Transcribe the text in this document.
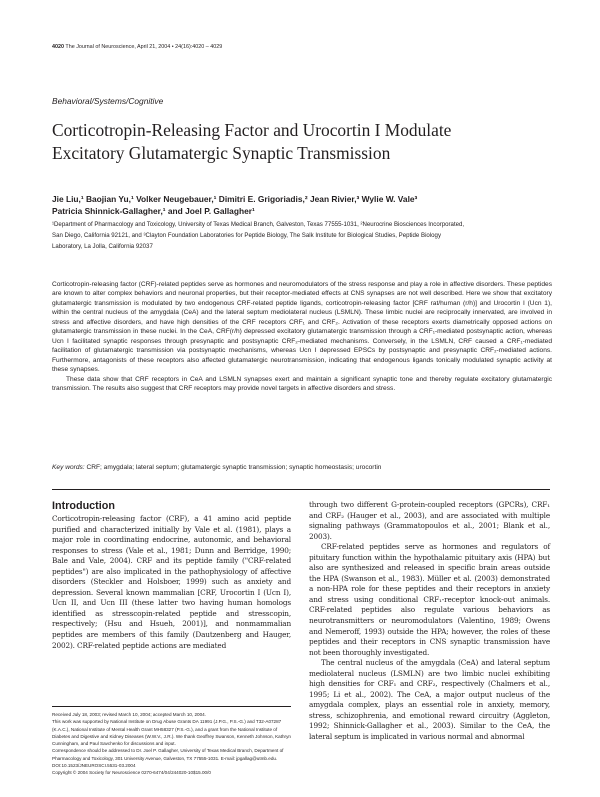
4020 The Journal of Neuroscience, April 21, 2004 • 24(16):4020 – 4029
Behavioral/Systems/Cognitive
Corticotropin-Releasing Factor and Urocortin I Modulate
Excitatory Glutamatergic Synaptic Transmission
Jie Liu,¹ Baojian Yu,¹ Volker Neugebauer,¹ Dimitri E. Grigoriadis,² Jean Rivier,³ Wylie W. Vale³
Patricia Shinnick-Gallagher,¹ and Joel P. Gallagher¹
¹Department of Pharmacology and Toxicology, University of Texas Medical Branch, Galveston, Texas 77555-1031, ²Neurocrine Biosciences Incorporated,
San Diego, California 92121, and ³Clayton Foundation Laboratories for Peptide Biology, The Salk Institute for Biological Studies, Peptide Biology
Laboratory, La Jolla, California 92037

Corticotropin-releasing factor (CRF)-related peptides serve as hormones and neuromodulators of the stress response and play a role in affective disorders. These peptides are known to alter complex behaviors and neuronal properties, but their receptor-mediated effects at CNS synapses are not well described. Here we show that excitatory glutamatergic transmission is modulated by two endogenous CRF-related peptide ligands, corticotropin-releasing factor [CRF rat/human (r/h)] and Urocortin I (Ucn 1), within the central nucleus of the amygdala (CeA) and the lateral septum mediolateral nucleus (LSMLN). These limbic nuclei are reciprocally innervated, are involved in stress and affective disorders, and have high densities of the CRF receptors CRF₁ and CRF₂. Activation of these receptors exerts diametrically opposed actions on glutamatergic transmission in these nuclei. In the CeA, CRF(r/h) depressed excitatory glutamatergic transmission through a CRF₁-mediated postsynaptic action, whereas Ucn I facilitated synaptic responses through presynaptic and postsynaptic CRF₂-mediated mechanisms. Conversely, in the LSMLN, CRF caused a CRF₁-mediated facilitation of glutamatergic transmission via postsynaptic mechanisms, whereas Ucn I depressed EPSCs by postsynaptic and presynaptic CRF₂-mediated actions. Furthermore, antagonists of these receptors also affected glutamatergic neurotransmission, indicating that endogenous ligands tonically modulated synaptic activity at these synapses.

These data show that CRF receptors in CeA and LSMLN synapses exert and maintain a significant synaptic tone and thereby regulate excitatory glutamatergic transmission. The results also suggest that CRF receptors may provide novel targets in affective disorders and stress.

Key words: CRF; amygdala; lateral septum; glutamatergic synaptic transmission; synaptic homeostasis; urocortin
Introduction

Corticotropin-releasing factor (CRF), a 41 amino acid peptide purified and characterized initially by Vale et al. (1981), plays a major role in coordinating endocrine, autonomic, and behavioral responses to stress (Vale et al., 1981; Dunn and Berridge, 1990; Bale and Vale, 2004). CRF and its peptide family ("CRF-related peptides") are also implicated in the pathophysiology of affective disorders (Steckler and Holsboer, 1999) such as anxiety and depression. Several known mammalian [CRF, Urocortin I (Ucn I), Ucn II, and Ucn III (these latter two having human homologs identified as stresscopin-related peptide and stresscopin, respectively; (Hsu and Hsueh, 2001)], and nonmammalian peptides are members of this family (Dautzenberg and Hauger, 2002). CRF-related peptide actions are mediated

through two different G-protein-coupled receptors (GPCRs), CRF₁ and CRF₂ (Hauger et al., 2003), and are associated with multiple signaling pathways (Grammatopoulos et al., 2001; Blank et al., 2003).

CRF-related peptides serve as hormones and regulators of pituitary function within the hypothalamic pituitary axis (HPA) but also are synthesized and released in specific brain areas outside the HPA (Swanson et al., 1983). Müller et al. (2003) demonstrated a non-HPA role for these peptides and their receptors in anxiety and stress using conditional CRF₁-receptor knock-out animals. CRF-related peptides also regulate various behaviors as neurotransmitters or neuromodulators (Valentino, 1989; Owens and Nemeroff, 1993) outside the HPA; however, the roles of these peptides and their receptors in CNS synaptic transmission have not been thoroughly investigated.

The central nucleus of the amygdala (CeA) and lateral septum mediolateral nucleus (LSMLN) are two limbic nuclei exhibiting high densities for CRF₁ and CRF₂, respectively (Chalmers et al., 1995; Li et al., 2002). The CeA, a major output nucleus of the amygdala complex, plays an essential role in anxiety, memory, stress, schizophrenia, and emotional reward circuitry (Aggleton, 1992; Shinnick-Gallagher et al., 2003). Similar to the CeA, the lateral septum is implicated in various normal and abnormal

Received July 18, 2003; revised March 10, 2004; accepted March 10, 2004.

This work was supported by National Institute on Drug Abuse Grants DA 11991 (J.P.G., P.S.-G.) and T32-A07287 (K.A.C.), National Institute of Mental Health Grant MH58327 (P.S.-G.), and a grant from the National Institute of Diabetes and Digestive and Kidney Diseases (W.W.V., J.R.). We thank Geoffrey Swanson, Kenneth Johnson, Kathryn Cunningham, and Paul Savchenko for discussions and input.

Correspondence should be addressed to Dr. Joel P. Gallagher, University of Texas Medical Branch, Department of Pharmacology and Toxicology, 301 University Avenue, Galveston, TX 77555-1031. E-mail: jpgallag@utmb.edu.

DOI:10.1523/JNEUROSCI.5531-03.2004

Copyright © 2004 Society for Neuroscience 0270-6474/04/244020-10$15.00/0
